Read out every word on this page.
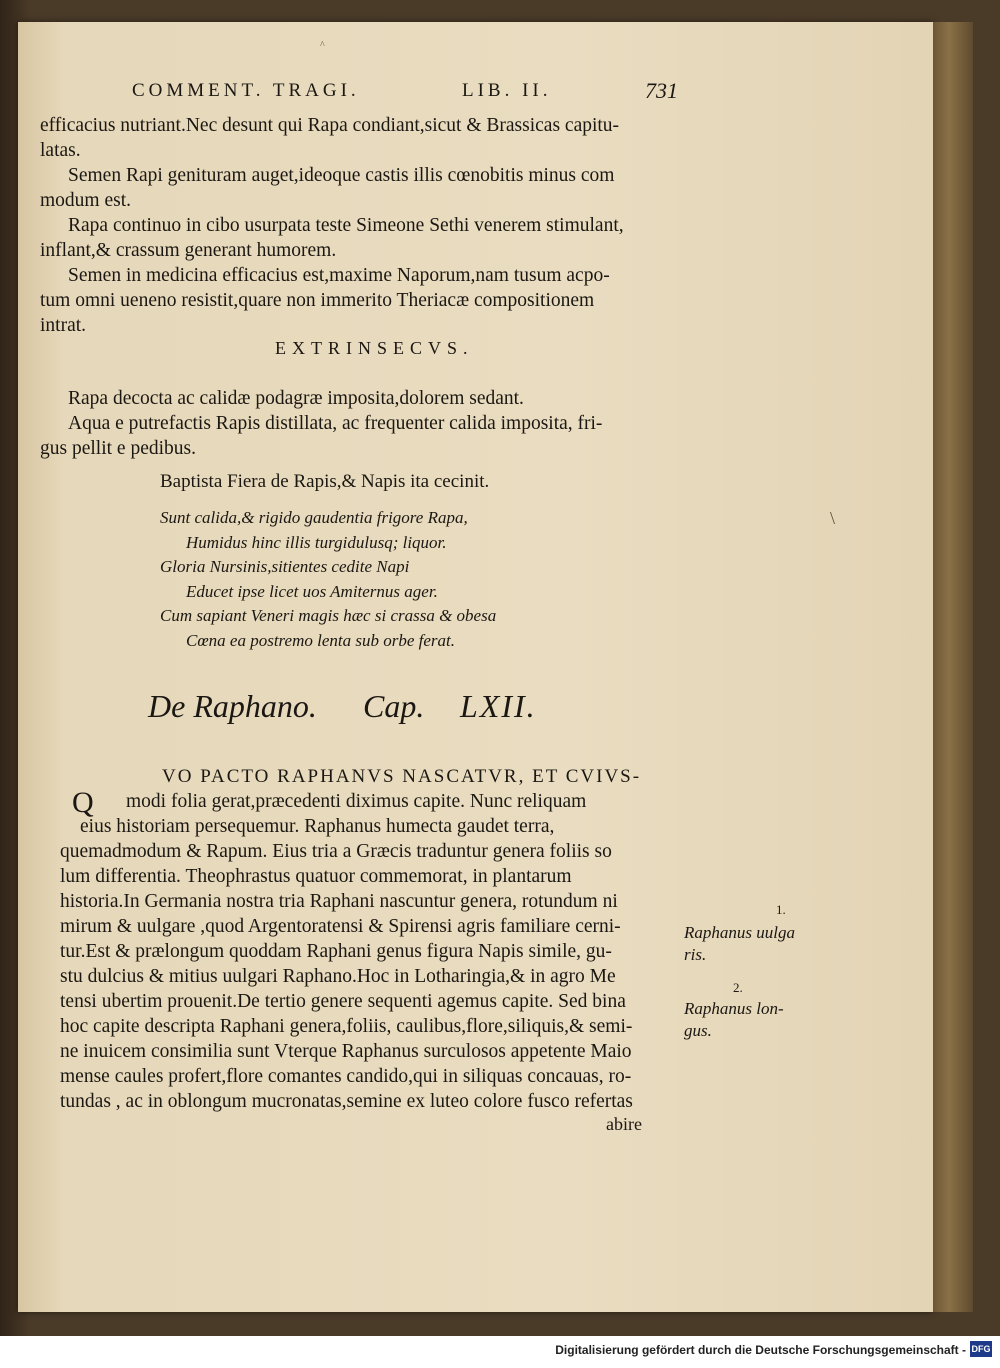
^
COMMENT. TRAGI.	LIB. II.	731
efficacius nutriant.Nec desunt qui Rapa condiant,sicut & Brassicas capitu-
latas.
Semen Rapi genituram auget,ideoque castis illis cœnobitis minus com
modum est.
Rapa continuo in cibo usurpata teste Simeone Sethi venerem stimulant,
inflant,& crassum generant humorem.
Semen in medicina efficacius est,maxime Naporum,nam tusum acpo-
tum omni ueneno resistit,quare non immerito Theriacæ compositionem
intrat.
EXTRINSECVS.
Rapa decocta ac calidæ podagræ imposita,dolorem sedant.
Aqua e putrefactis Rapis distillata, ac frequenter calida imposita, fri-
gus pellit e pedibus.
Baptista Fiera de Rapis,& Napis ita cecinit.
Sunt calida,& rigido gaudentia frigore Rapa,
Humidus hinc illis turgidulusq; liquor.
Gloria Nursinis,sitientes cedite Napi
Educet ipse licet uos Amiternus ager.
Cum sapiant Veneri magis hæc si crassa & obesa
Cœna ea postremo lenta sub orbe ferat.
\
De Raphano. Cap. LXII.
VO PACTO RAPHANVS NASCATVR, ET CVIVS-
Q	modi folia gerat,præcedenti diximus capite. Nunc reliquam
eius historiam persequemur. Raphanus humecta gaudet terra,
quemadmodum & Rapum. Eius tria a Græcis traduntur genera foliis so
lum differentia. Theophrastus quatuor commemorat, in plantarum
historia.In Germania nostra tria Raphani nascuntur genera, rotundum ni
mirum & uulgare ,quod Argentoratensi & Spirensi agris familiare cerni-
tur.Est & prælongum quoddam Raphani genus figura Napis simile, gu-
stu dulcius & mitius uulgari Raphano.Hoc in Lotharingia,& in agro Me
tensi ubertim prouenit.De tertio genere sequenti agemus capite. Sed bina
hoc capite descripta Raphani genera,foliis, caulibus,flore,siliquis,& semi-
ne inuicem consimilia sunt Vterque Raphanus surculosos appetente Maio
mense caules profert,flore comantes candido,qui in siliquas concauas, ro-
tundas , ac in oblongum mucronatas,semine ex luteo colore fusco refertas
abire
1.
Raphanus uulga
ris.
2.
Raphanus lon-
gus.
Digitalisierung gefördert durch die Deutsche Forschungsgemeinschaft - DFG
